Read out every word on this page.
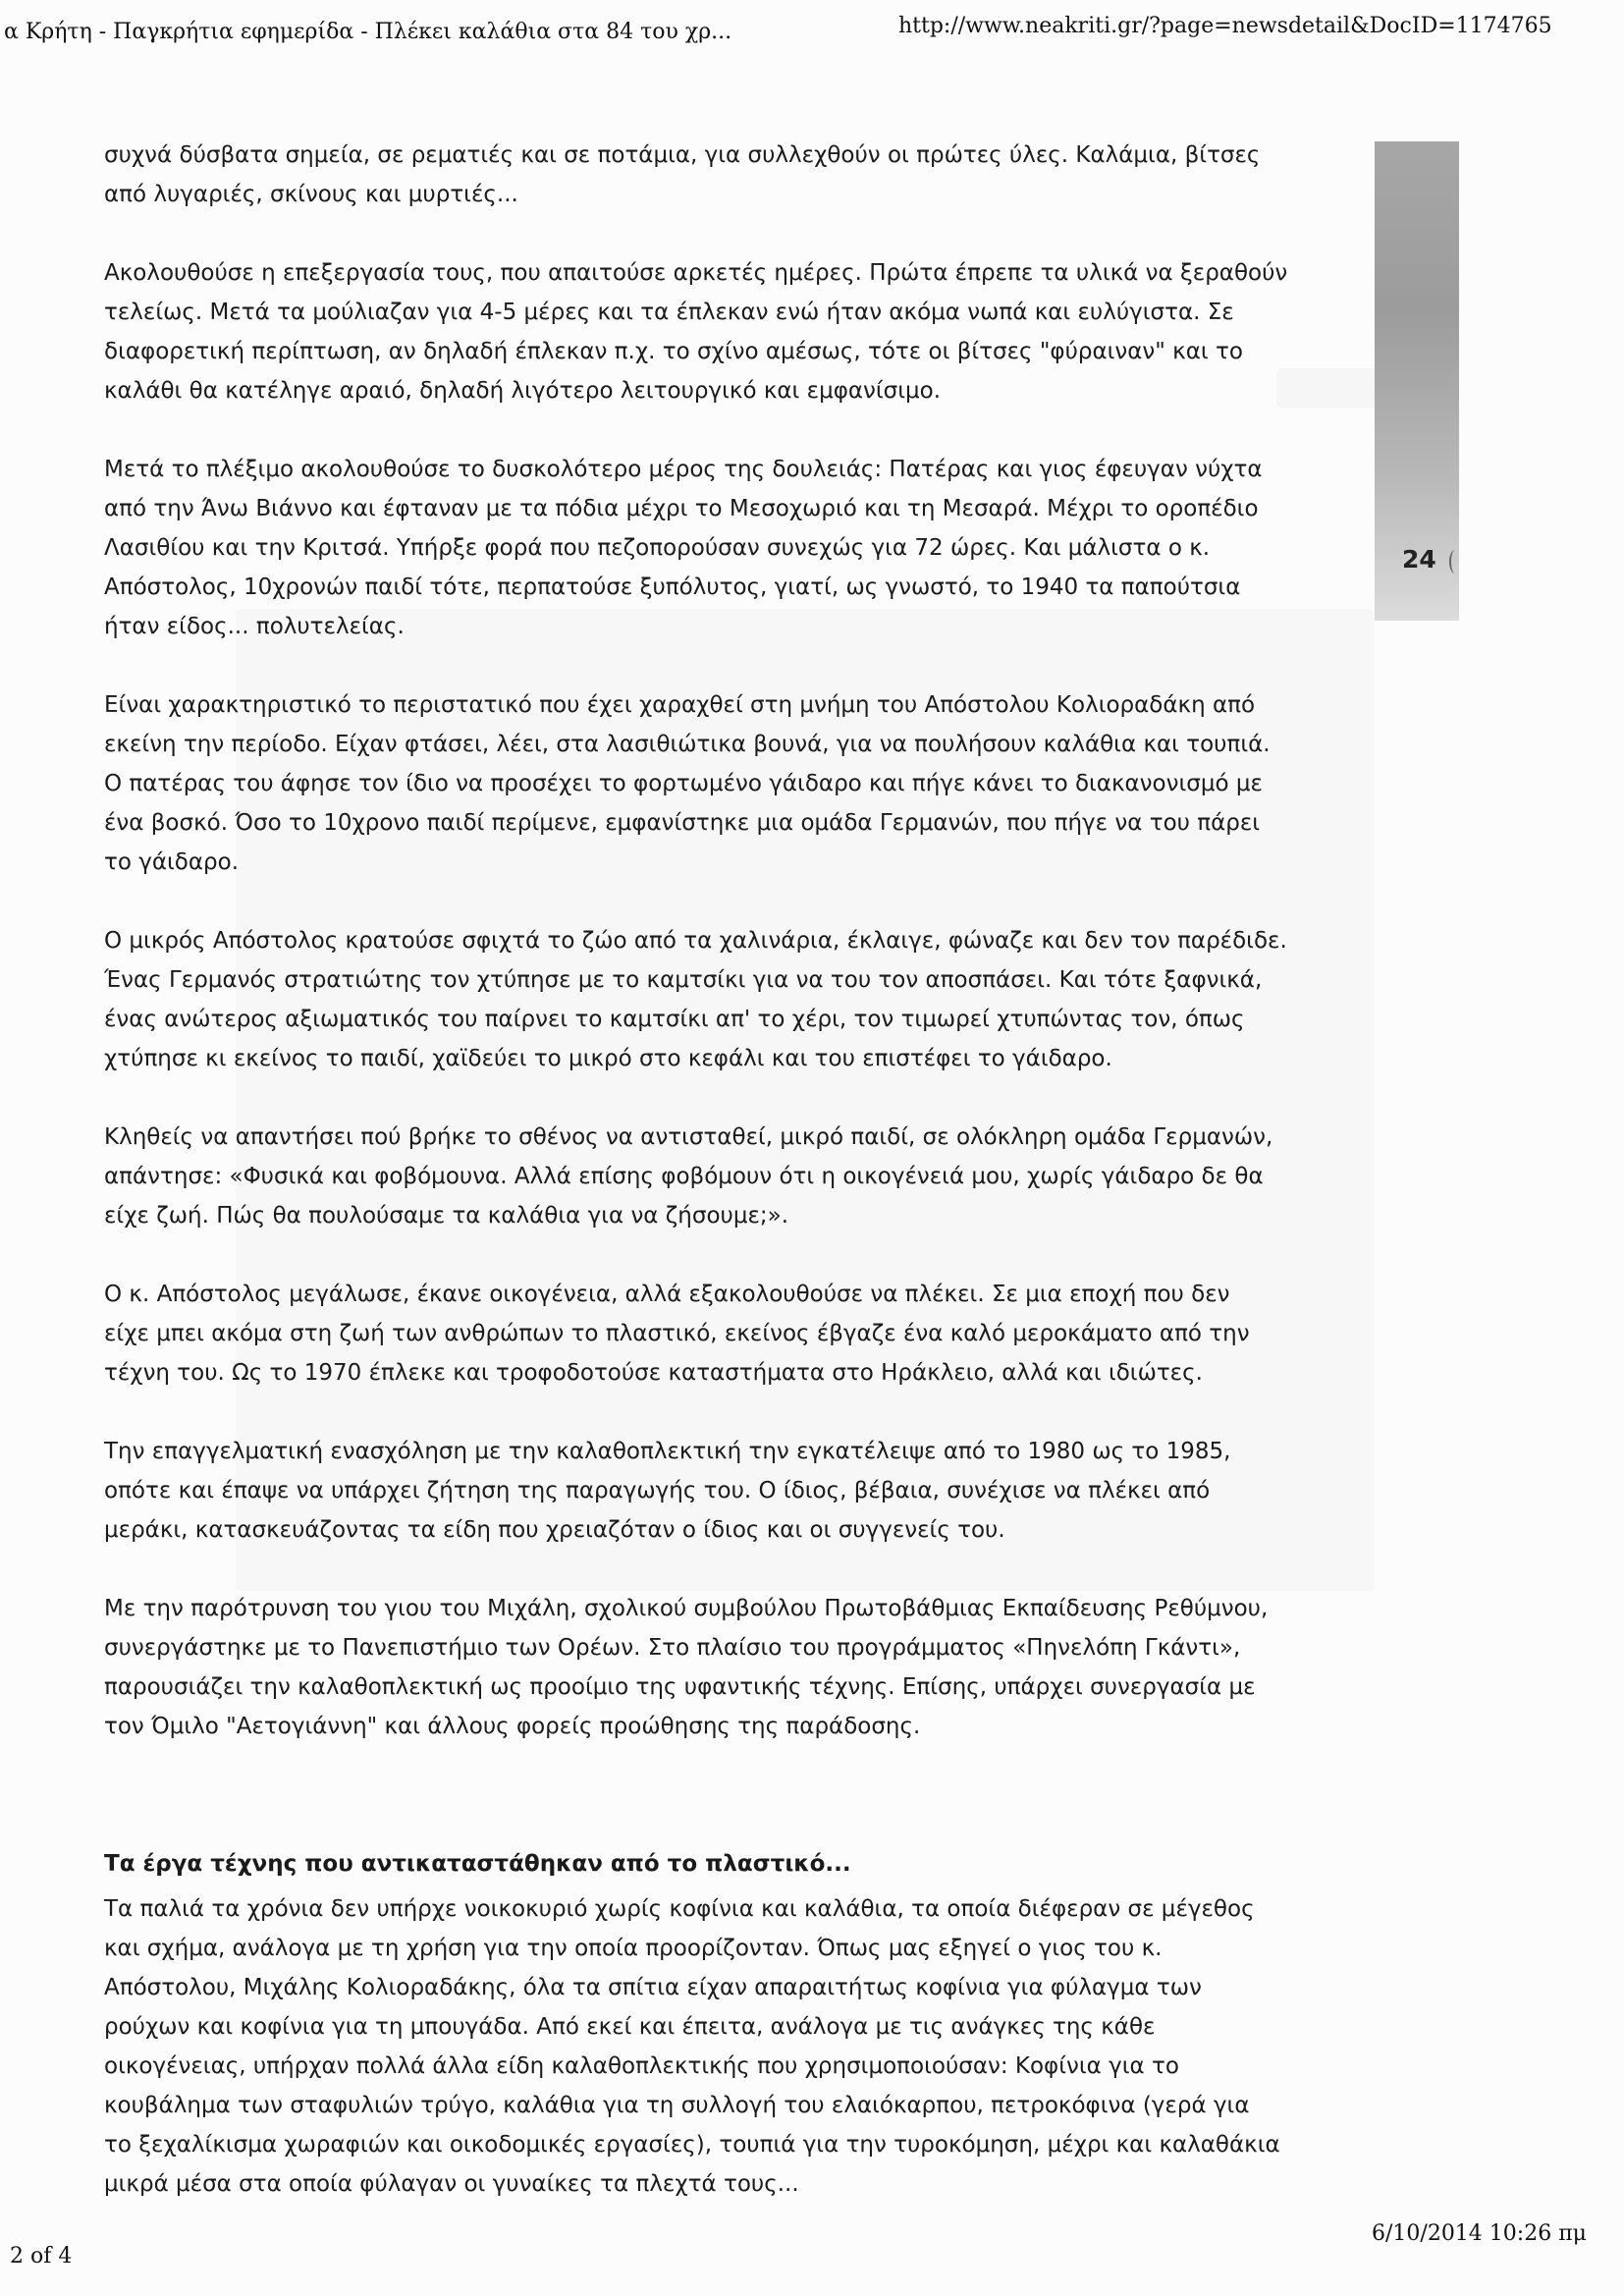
24
α Κρήτη - Παγκρήτια εφημερίδα - Πλέκει καλάθια στα 84 του χρ...	http://www.neakriti.gr/?page=newsdetail&DocID=1174765

συχνά δύσβατα σημεία, σε ρεματιές και σε ποτάμια, για συλλεχθούν οι πρώτες ύλες. Καλάμια, βίτσες
από λυγαριές, σκίνους και μυρτιές...

Ακολουθούσε η επεξεργασία τους, που απαιτούσε αρκετές ημέρες. Πρώτα έπρεπε τα υλικά να ξεραθούν
τελείως. Μετά τα μούλιαζαν για 4-5 μέρες και τα έπλεκαν ενώ ήταν ακόμα νωπά και ευλύγιστα. Σε
διαφορετική περίπτωση, αν δηλαδή έπλεκαν π.χ. το σχίνο αμέσως, τότε οι βίτσες "φύραιναν" και το
καλάθι θα κατέληγε αραιό, δηλαδή λιγότερο λειτουργικό και εμφανίσιμο.

Μετά το πλέξιμο ακολουθούσε το δυσκολότερο μέρος της δουλειάς: Πατέρας και γιος έφευγαν νύχτα
από την Άνω Βιάννο και έφταναν με τα πόδια μέχρι το Μεσοχωριό και τη Μεσαρά. Μέχρι το οροπέδιο
Λασιθίου και την Κριτσά. Υπήρξε φορά που πεζοπορούσαν συνεχώς για 72 ώρες. Και μάλιστα ο κ.
Απόστολος, 10χρονών παιδί τότε, περπατούσε ξυπόλυτος, γιατί, ως γνωστό, το 1940 τα παπούτσια
ήταν είδος... πολυτελείας.

Είναι χαρακτηριστικό το περιστατικό που έχει χαραχθεί στη μνήμη του Απόστολου Κολιοραδάκη από
εκείνη την περίοδο. Είχαν φτάσει, λέει, στα λασιθιώτικα βουνά, για να πουλήσουν καλάθια και τουπιά.
Ο πατέρας του άφησε τον ίδιο να προσέχει το φορτωμένο γάιδαρο και πήγε κάνει το διακανονισμό με
ένα βοσκό. Όσο το 10χρονο παιδί περίμενε, εμφανίστηκε μια ομάδα Γερμανών, που πήγε να του πάρει
το γάιδαρο.

Ο μικρός Απόστολος κρατούσε σφιχτά το ζώο από τα χαλινάρια, έκλαιγε, φώναζε και δεν τον παρέδιδε.
Ένας Γερμανός στρατιώτης τον χτύπησε με το καμτσίκι για να του τον αποσπάσει. Και τότε ξαφνικά,
ένας ανώτερος αξιωματικός του παίρνει το καμτσίκι απ' το χέρι, τον τιμωρεί χτυπώντας τον, όπως
χτύπησε κι εκείνος το παιδί, χαϊδεύει το μικρό στο κεφάλι και του επιστέφει το γάιδαρο.

Κληθείς να απαντήσει πού βρήκε το σθένος να αντισταθεί, μικρό παιδί, σε ολόκληρη ομάδα Γερμανών,
απάντησε: «Φυσικά και φοβόμουνα. Αλλά επίσης φοβόμουν ότι η οικογένειά μου, χωρίς γάιδαρο δε θα
είχε ζωή. Πώς θα πουλούσαμε τα καλάθια για να ζήσουμε;».

Ο κ. Απόστολος μεγάλωσε, έκανε οικογένεια, αλλά εξακολουθούσε να πλέκει. Σε μια εποχή που δεν
είχε μπει ακόμα στη ζωή των ανθρώπων το πλαστικό, εκείνος έβγαζε ένα καλό μεροκάματο από την
τέχνη του. Ως το 1970 έπλεκε και τροφοδοτούσε καταστήματα στο Ηράκλειο, αλλά και ιδιώτες.

Την επαγγελματική ενασχόληση με την καλαθοπλεκτική την εγκατέλειψε από το 1980 ως το 1985,
οπότε και έπαψε να υπάρχει ζήτηση της παραγωγής του. Ο ίδιος, βέβαια, συνέχισε να πλέκει από
μεράκι, κατασκευάζοντας τα είδη που χρειαζόταν ο ίδιος και οι συγγενείς του.

Με την παρότρυνση του γιου του Μιχάλη, σχολικού συμβούλου Πρωτοβάθμιας Εκπαίδευσης Ρεθύμνου,
συνεργάστηκε με το Πανεπιστήμιο των Ορέων. Στο πλαίσιο του προγράμματος «Πηνελόπη Γκάντι»,
παρουσιάζει την καλαθοπλεκτική ως προοίμιο της υφαντικής τέχνης. Επίσης, υπάρχει συνεργασία με
τον Όμιλο "Αετογιάννη" και άλλους φορείς προώθησης της παράδοσης.

Τα έργα τέχνης που αντικαταστάθηκαν από το πλαστικό...

Τα παλιά τα χρόνια δεν υπήρχε νοικοκυριό χωρίς κοφίνια και καλάθια, τα οποία διέφεραν σε μέγεθος
και σχήμα, ανάλογα με τη χρήση για την οποία προορίζονταν. Όπως μας εξηγεί ο γιος του κ.
Απόστολου, Μιχάλης Κολιοραδάκης, όλα τα σπίτια είχαν απαραιτήτως κοφίνια για φύλαγμα των
ρούχων και κοφίνια για τη μπουγάδα. Από εκεί και έπειτα, ανάλογα με τις ανάγκες της κάθε
οικογένειας, υπήρχαν πολλά άλλα είδη καλαθοπλεκτικής που χρησιμοποιούσαν: Κοφίνια για το
κουβάλημα των σταφυλιών τρύγο, καλάθια για τη συλλογή του ελαιόκαρπου, πετροκόφινα (γερά για
το ξεχαλίκισμα χωραφιών και οικοδομικές εργασίες), τουπιά για την τυροκόμηση, μέχρι και καλαθάκια
μικρά μέσα στα οποία φύλαγαν οι γυναίκες τα πλεχτά τους...

2 of 4
6/10/2014 10:26 πμ
